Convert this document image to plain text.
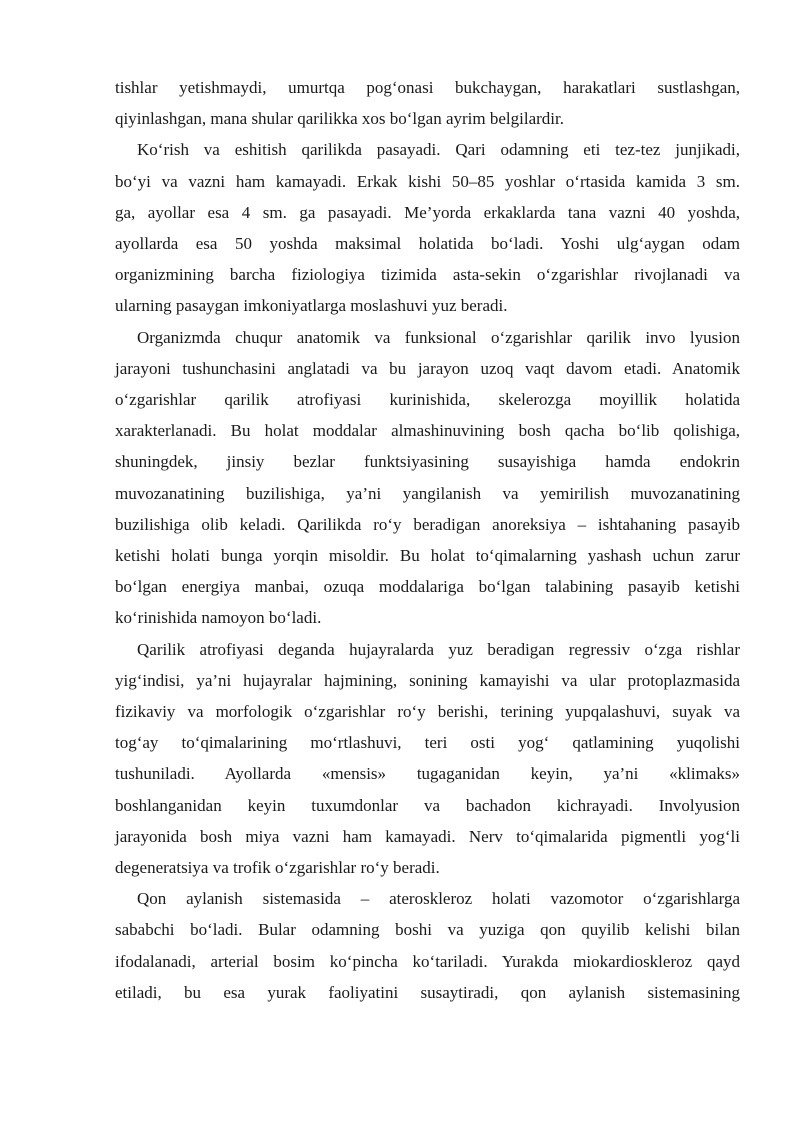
tishlar yetishmaydi, umurtqa pog‘onasi bukchaygan, harakatlari sustlashgan,
qiyinlashgan, mana shular qarilikka xos bo‘lgan ayrim belgilardir.
Ko‘rish va eshitish qarilikda pasayadi. Qari odamning eti tez-tez junjikadi,
bo‘yi va vazni ham kamayadi. Erkak kishi 50–85 yoshlar o‘rtasida kamida 3 sm.
ga, ayollar esa 4 sm. ga pasayadi. Me’yorda erkaklarda tana vazni 40 yoshda,
ayollarda esa 50 yoshda maksimal holatida bo‘ladi. Yoshi ulg‘aygan odam
organizmining barcha fiziologiya tizimida asta-sekin o‘zgarishlar rivojlanadi va
ularning pasaygan imkoniyatlarga moslashuvi yuz beradi.
Organizmda chuqur anatomik va funksional o‘zgarishlar qarilik invo lyusion
jarayoni tushunchasini anglatadi va bu jarayon uzoq vaqt davom etadi. Anatomik
o‘zgarishlar qarilik atrofiyasi kurinishida, skelerozga moyillik holatida
xarakterlanadi. Bu holat moddalar almashinuvining bosh qacha bo‘lib qolishiga,
shuningdek, jinsiy bezlar funktsiyasining susayishiga hamda endokrin
muvozanatining buzilishiga, ya’ni yangilanish va yemirilish muvozanatining
buzilishiga olib keladi. Qarilikda ro‘y beradigan anoreksiya – ishtahaning pasayib
ketishi holati bunga yorqin misoldir. Bu holat to‘qimalarning yashash uchun zarur
bo‘lgan energiya manbai, ozuqa moddalariga bo‘lgan talabining pasayib ketishi
ko‘rinishida namoyon bo‘ladi.
Qarilik atrofiyasi deganda hujayralarda yuz beradigan regressiv o‘zga rishlar
yig‘indisi, ya’ni hujayralar hajmining, sonining kamayishi va ular protoplazmasida
fizikaviy va morfologik o‘zgarishlar ro‘y berishi, terining yupqalashuvi, suyak va
tog‘ay to‘qimalarining mo‘rtlashuvi, teri osti yog‘ qatlamining yuqolishi
tushuniladi. Ayollarda «mensis» tugaganidan keyin, ya’ni «klimaks»
boshlanganidan keyin tuxumdonlar va bachadon kichrayadi. Involyusion
jarayonida bosh miya vazni ham kamayadi. Nerv to‘qimalarida pigmentli yog‘li
degeneratsiya va trofik o‘zgarishlar ro‘y beradi.
Qon aylanish sistemasida – ateroskleroz holati vazomotor o‘zgarishlarga
sababchi bo‘ladi. Bular odamning boshi va yuziga qon quyilib kelishi bilan
ifodalanadi, arterial bosim ko‘pincha ko‘tariladi. Yurakda miokardioskleroz qayd
etiladi, bu esa yurak faoliyatini susaytiradi, qon aylanish sistemasining
